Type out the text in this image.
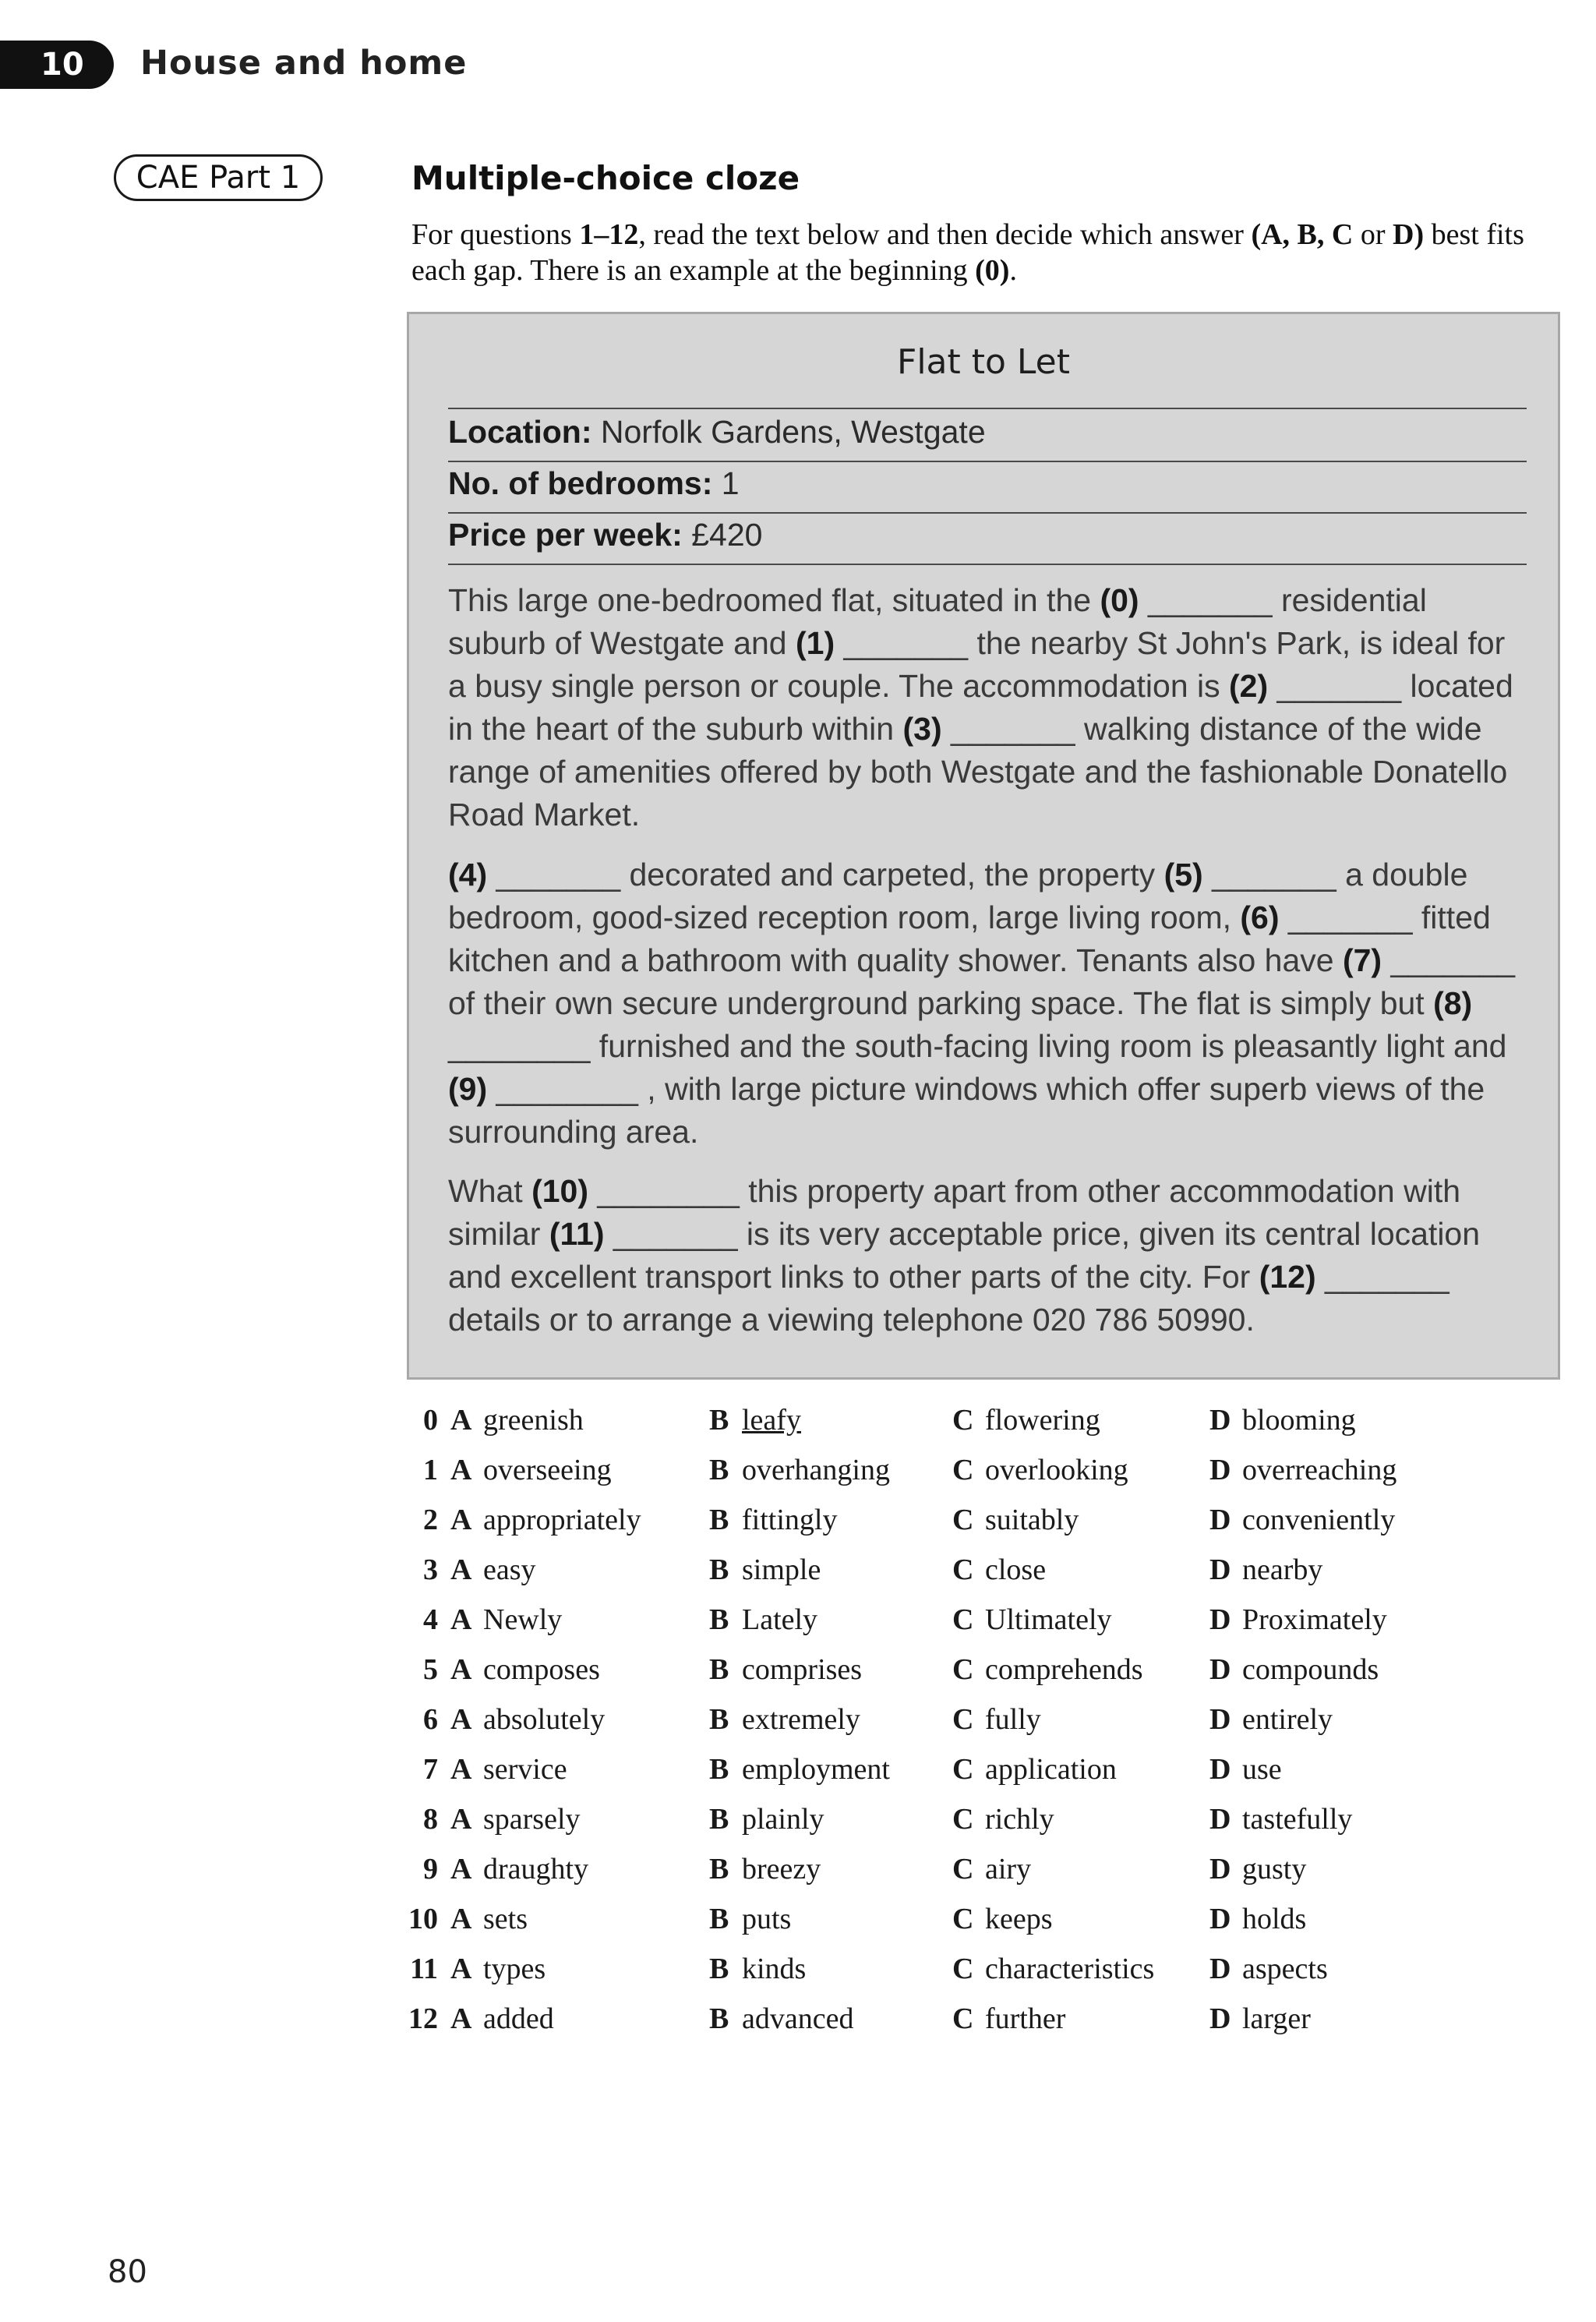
10	House and home
CAE Part 1	Multiple-choice cloze
For questions 1–12, read the text below and then decide which answer (A, B, C or D) best fits each gap. There is an example at the beginning (0).
Flat to Let
Location: Norfolk Gardens, Westgate
No. of bedrooms: 1
Price per week: £420
This large one-bedroomed flat, situated in the (0) _______ residential suburb of Westgate and (1) _______ the nearby St John's Park, is ideal for a busy single person or couple. The accommodation is (2) _______ located in the heart of the suburb within (3) _______ walking distance of the wide range of amenities offered by both Westgate and the fashionable Donatello Road Market.
(4) _______ decorated and carpeted, the property (5) _______ a double bedroom, good-sized reception room, large living room, (6) _______ fitted kitchen and a bathroom with quality shower. Tenants also have (7) _______ of their own secure underground parking space. The flat is simply but (8) ________ furnished and the south-facing living room is pleasantly light and (9) ________ , with large picture windows which offer superb views of the surrounding area.
What (10) ________ this property apart from other accommodation with similar (11) _______ is its very acceptable price, given its central location and excellent transport links to other parts of the city. For (12) _______ details or to arrange a viewing telephone 020 786 50990.
0 A greenish	B leafy	C flowering	D blooming
1 A overseeing	B overhanging C overlooking	D overreaching
2 A appropriately B fittingly	C suitably	D conveniently
3 A easy	B simple	C close	D nearby
4 A Newly	B Lately	C Ultimately	D Proximately
5 A composes	B comprises	C comprehends D compounds
6 A absolutely	B extremely	C fully	D entirely
7 A service	B employment C application	D use
8 A sparsely	B plainly	C richly	D tastefully
9 A draughty	B breezy	C airy	D gusty
10 A sets	B puts	C keeps	D holds
11 A types	B kinds	C characteristics D aspects
12 A added	B advanced	C further	D larger
80
